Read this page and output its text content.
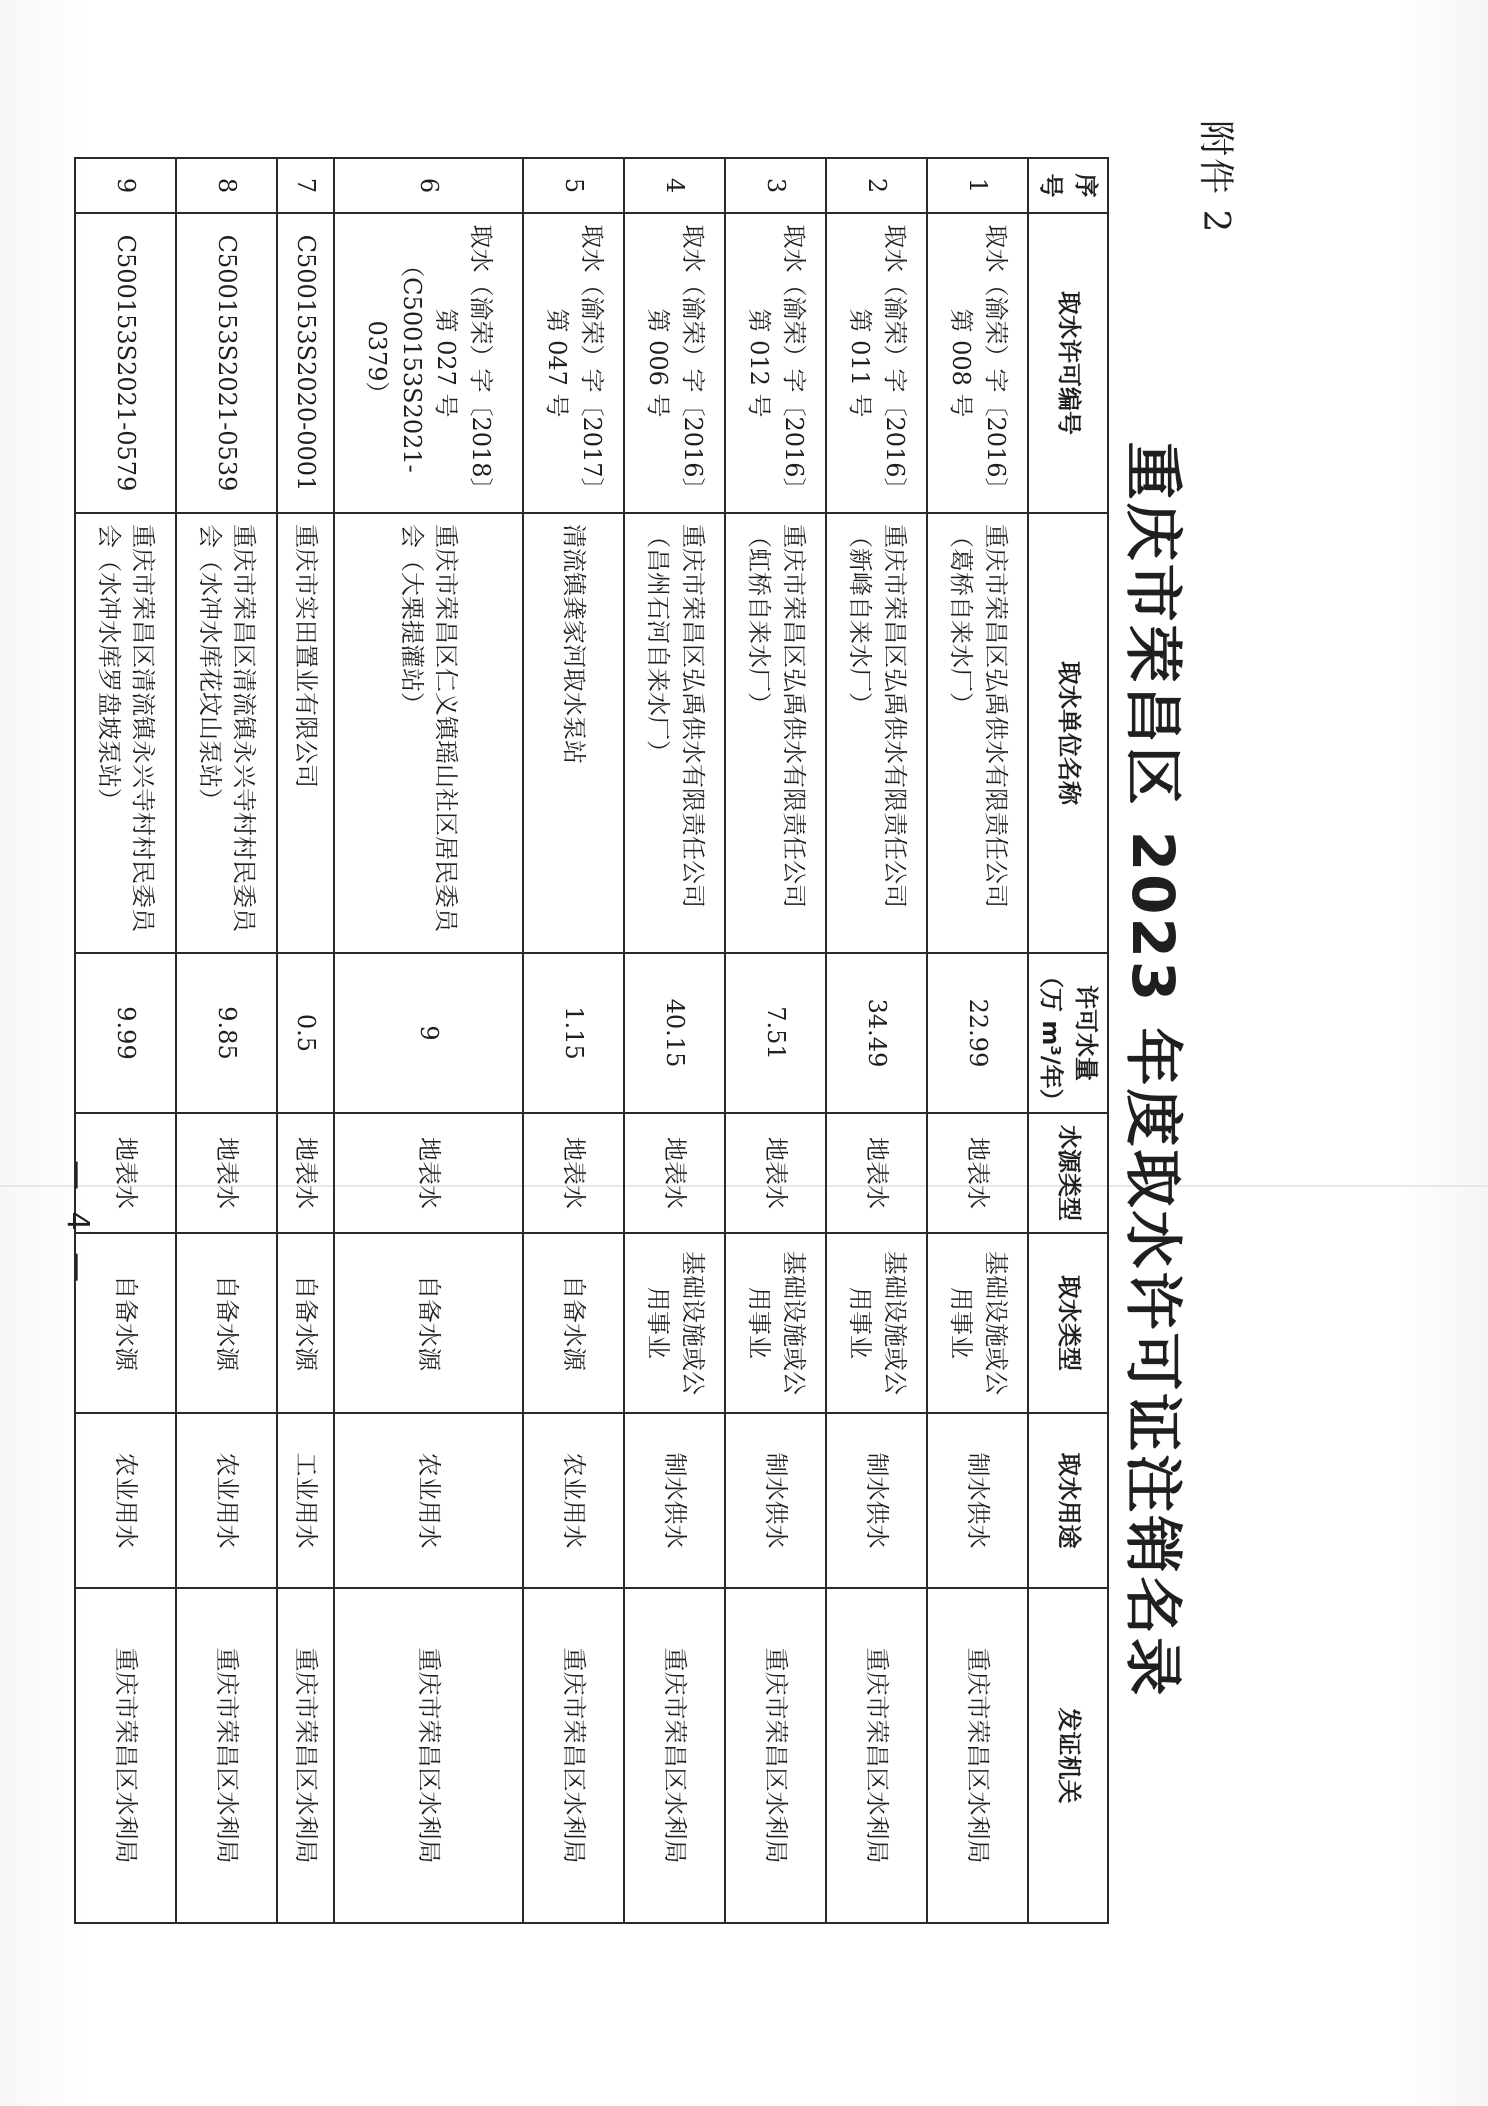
附件 2
重庆市荣昌区 2023 年度取水许可证注销名录
序号	取水许可编号	取水单位名称	许可水量（万 m³/年）	水源类型	取水类型	取水用途	发证机关
1	取水（渝荣）字〔2016〕第 008 号	重庆市荣昌区弘禹供水有限责任公司（葛桥自来水厂）	22.99	地表水	基础设施或公用事业	制水供水	重庆市荣昌区水利局
2	取水（渝荣）字〔2016〕第 011 号	重庆市荣昌区弘禹供水有限责任公司（新峰自来水厂）	34.49	地表水	基础设施或公用事业	制水供水	重庆市荣昌区水利局
3	取水（渝荣）字〔2016〕第 012 号	重庆市荣昌区弘禹供水有限责任公司（虹桥自来水厂）	7.51	地表水	基础设施或公用事业	制水供水	重庆市荣昌区水利局
4	取水（渝荣）字〔2016〕第 006 号	重庆市荣昌区弘禹供水有限责任公司（昌州石河自来水厂）	40.15	地表水	基础设施或公用事业	制水供水	重庆市荣昌区水利局
5	取水（渝荣）字〔2017〕第 047 号	清流镇龚家河取水泵站	1.15	地表水	自备水源	农业用水	重庆市荣昌区水利局
6	取水（渝荣）字〔2018〕第 027 号（C500153S2021-0379）	重庆市荣昌区仁义镇瑶山社区居民委员会（大栗提灌站）	9	地表水	自备水源	农业用水	重庆市荣昌区水利局
7	C500153S2020-0001	重庆市实田置业有限公司	0.5	地表水	自备水源	工业用水	重庆市荣昌区水利局
8	C500153S2021-0539	重庆市荣昌区清流镇永兴寺村村民委员会（水冲水库花坟山泵站）	9.85	地表水	自备水源	农业用水	重庆市荣昌区水利局
9	C500153S2021-0579	重庆市荣昌区清流镇永兴寺村村民委员会（水冲水库罗盘坡泵站）	9.99	地表水	自备水源	农业用水	重庆市荣昌区水利局
— 4 —
